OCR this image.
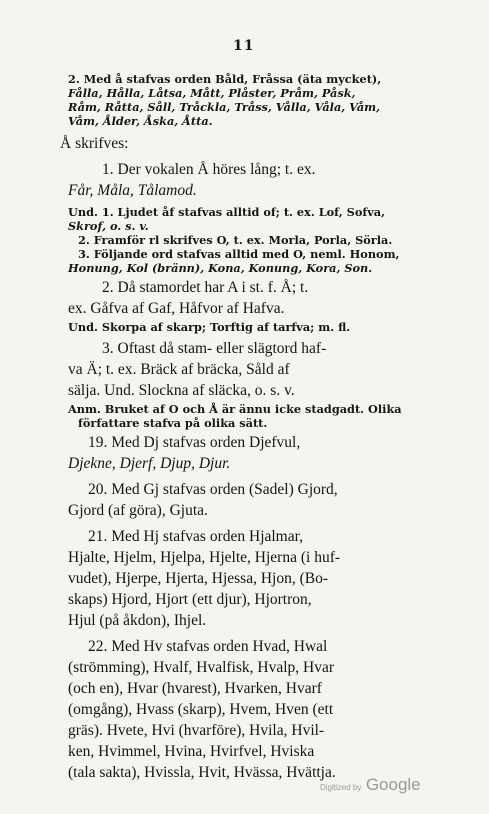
11
2. Med å stafvas orden Båld, Fråssa (äta mycket),
Fålla, Hålla, Låtsa, Mått, Plåster, Pråm, Påsk,
Råm, Råtta, Såll, Tråckla, Tråss, Vålla, Våla, Våm,
Våm, Ålder, Åska, Åtta.
Å skrifves:
1. Der vokalen Å höres lång; t. ex.
Får, Måla, Tålamod.
Und. 1. Ljudet åf stafvas alltid of; t. ex. Lof, Sofva,
Skrof, o. s. v.
2. Framför rl skrifves O, t. ex. Morla, Porla, Sörla.
3. Följande ord stafvas alltid med O, neml. Honom,
Honung, Kol (bränn), Kona, Konung, Kora, Son.
2. Då stamordet har A i st. f. Å; t.
ex. Gåfva af Gaf, Håfvor af Hafva.
Und. Skorpa af skarp; Torftig af tarfva; m. fl.
3. Oftast då stam- eller slägtord haf-
va Ä; t. ex. Bräck af bräcka, Såld af
sälja. Und. Slockna af släcka, o. s. v.
Anm. Bruket af O och Å är ännu icke stadgadt. Olika
författare stafva på olika sätt.
19. Med Dj stafvas orden Djefvul,
Djekne, Djerf, Djup, Djur.
20. Med Gj stafvas orden (Sadel) Gjord,
Gjord (af göra), Gjuta.
21. Med Hj stafvas orden Hjalmar,
Hjalte, Hjelm, Hjelpa, Hjelte, Hjerna (i huf-
vudet), Hjerpe, Hjerta, Hjessa, Hjon, (Bo-
skaps) Hjord, Hjort (ett djur), Hjortron,
Hjul (på åkdon), Ihjel.
22. Med Hv stafvas orden Hvad, Hwal
(strömming), Hvalf, Hvalfisk, Hvalp, Hvar
(och en), Hvar (hvarest), Hvarken, Hvarf
(omgång), Hvass (skarp), Hvem, Hven (ett
gräs). Hvete, Hvi (hvarföre), Hvila, Hvil-
ken, Hvimmel, Hvina, Hvirfvel, Hviska
(tala sakta), Hvissla, Hvit, Hvässa, Hvättja.
Digitized by Google
